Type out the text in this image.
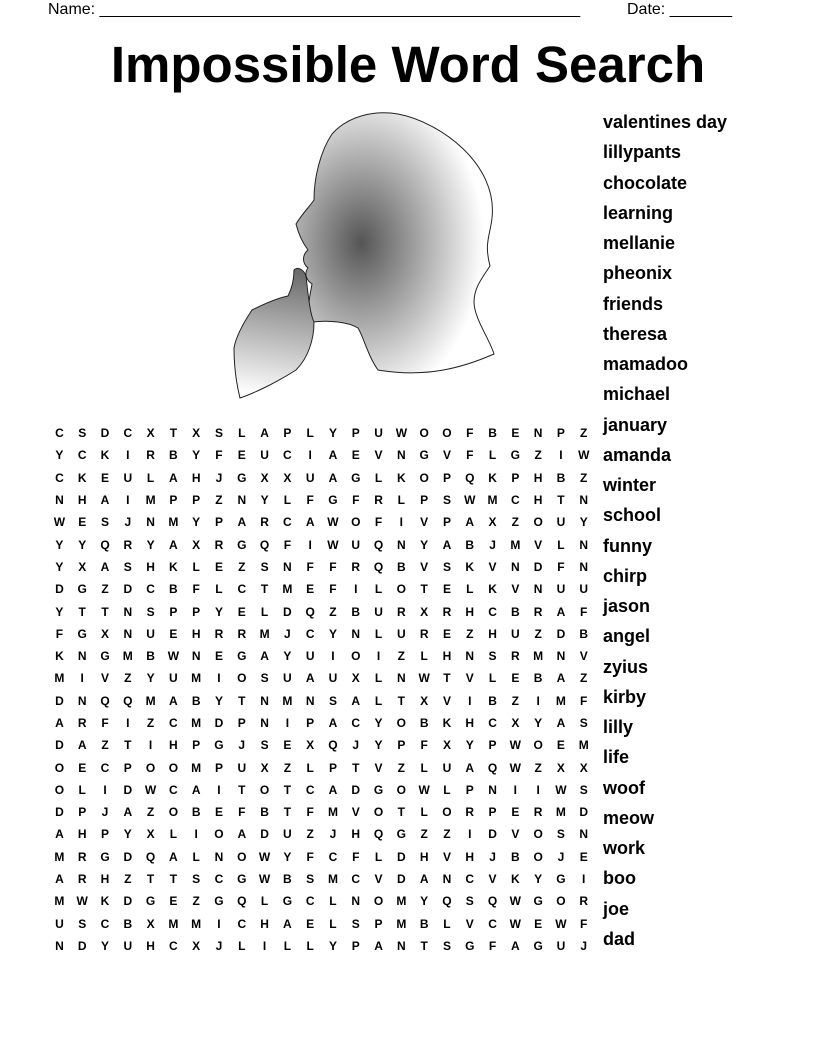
Name: ______________________________________________________	Date: _______
Impossible Word Search
C	S	D	C	X	T	X	S	L	A	P	L	Y	P	U	W	O	O	F	B	E	N	P	Z
Y	C	K	I	R	B	Y	F	E	U	C	I	A	E	V	N	G	V	F	L	G	Z	I	W
C	K	E	U	L	A	H	J	G	X	X	U	A	G	L	K	O	P	Q	K	P	H	B	Z
N	H	A	I	M	P	P	Z	N	Y	L	F	G	F	R	L	P	S	W	M	C	H	T	N
W	E	S	J	N	M	Y	P	A	R	C	A	W	O	F	I	V	P	A	X	Z	O	U	Y
Y	Y	Q	R	Y	A	X	R	G	Q	F	I	W	U	Q	N	Y	A	B	J	M	V	L	N
Y	X	A	S	H	K	L	E	Z	S	N	F	F	R	Q	B	V	S	K	V	N	D	F	N
D	G	Z	D	C	B	F	L	C	T	M	E	F	I	L	O	T	E	L	K	V	N	U	U
Y	T	T	N	S	P	P	Y	E	L	D	Q	Z	B	U	R	X	R	H	C	B	R	A	F
F	G	X	N	U	E	H	R	R	M	J	C	Y	N	L	U	R	E	Z	H	U	Z	D	B
K	N	G	M	B	W	N	E	G	A	Y	U	I	O	I	Z	L	H	N	S	R	M	N	V
M	I	V	Z	Y	U	M	I	O	S	U	A	U	X	L	N	W	T	V	L	E	B	A	Z
D	N	Q	Q	M	A	B	Y	T	N	M	N	S	A	L	T	X	V	I	B	Z	I	M	F
A	R	F	I	Z	C	M	D	P	N	I	P	A	C	Y	O	B	K	H	C	X	Y	A	S
D	A	Z	T	I	H	P	G	J	S	E	X	Q	J	Y	P	F	X	Y	P	W	O	E	M
O	E	C	P	O	O	M	P	U	X	Z	L	P	T	V	Z	L	U	A	Q	W	Z	X	X
O	L	I	D	W	C	A	I	T	O	T	C	A	D	G	O	W	L	P	N	I	I	W	S
D	P	J	A	Z	O	B	E	F	B	T	F	M	V	O	T	L	O	R	P	E	R	M	D
A	H	P	Y	X	L	I	O	A	D	U	Z	J	H	Q	G	Z	Z	I	D	V	O	S	N
M	R	G	D	Q	A	L	N	O	W	Y	F	C	F	L	D	H	V	H	J	B	O	J	E
A	R	H	Z	T	T	S	C	G	W	B	S	M	C	V	D	A	N	C	V	K	Y	G	I
M	W	K	D	G	E	Z	G	Q	L	G	C	L	N	O	M	Y	Q	S	Q	W	G	O	R
U	S	C	B	X	M	M	I	C	H	A	E	L	S	P	M	B	L	V	C	W	E	W	F
N	D	Y	U	H	C	X	J	L	I	L	L	Y	P	A	N	T	S	G	F	A	G	U	J
valentines day
lillypants
chocolate
learning
mellanie
pheonix
friends
theresa
mamadoo
michael
january
amanda
winter
school
funny
chirp
jason
angel
zyius
kirby
lilly
life
woof
meow
work
boo
joe
dad
